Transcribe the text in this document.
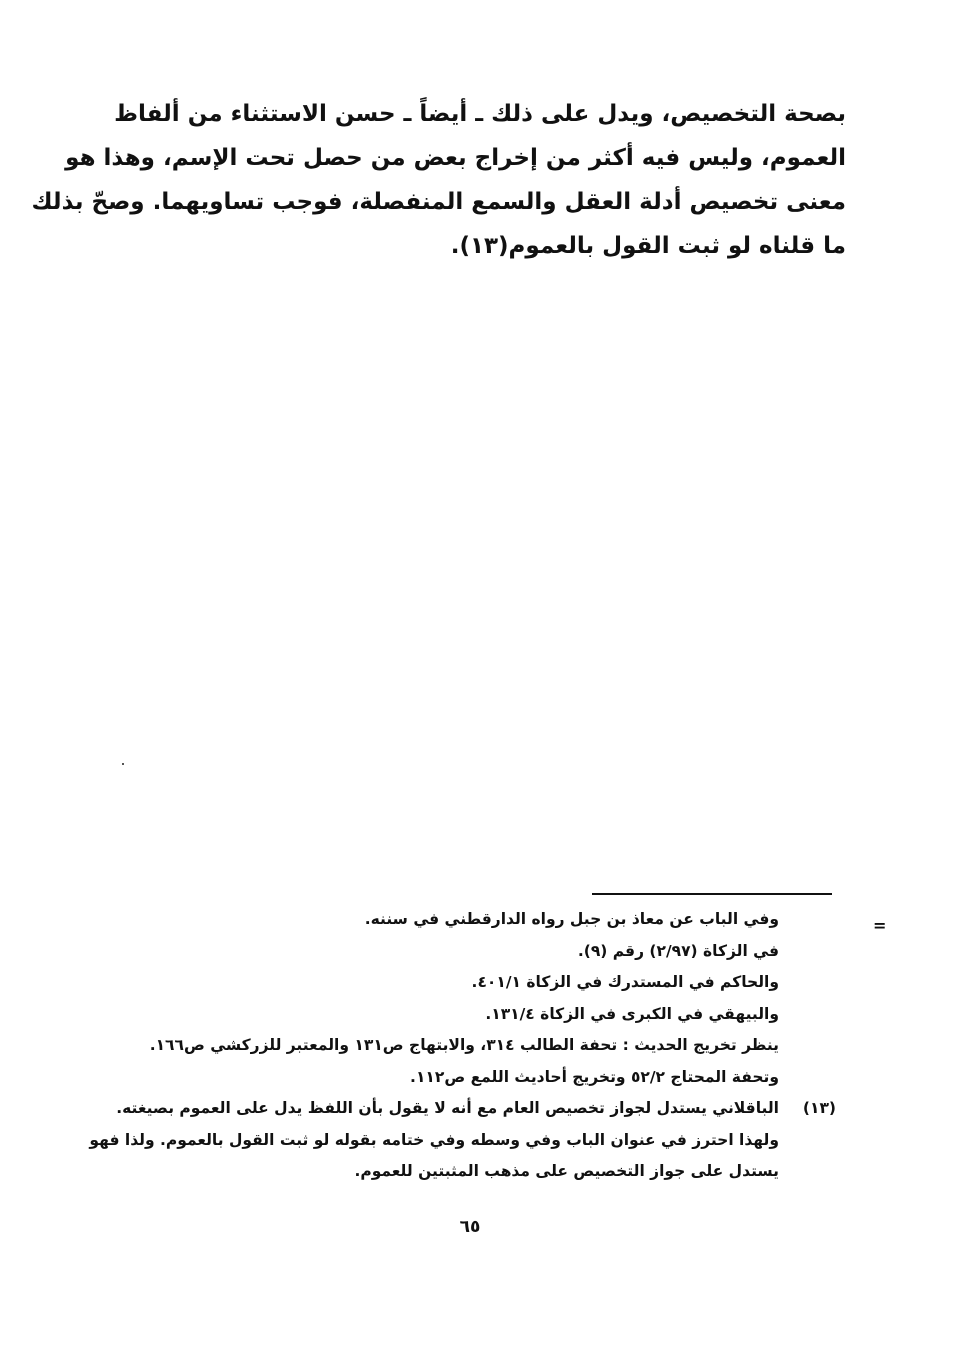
بصحة التخصيص، ويدل على ذلك ـ أيضاً ـ حسن الاستثناء من ألفاظ
العموم، وليس فيه أكثر من إخراج بعض من حصل تحت الإسم، وهذا هو
معنى تخصيص أدلة العقل والسمع المنفصلة، فوجب تساويهما. وصحّ بذلك
ما قلناه لو ثبت القول بالعموم(١٣).
=
وفي الباب عن معاذ بن جبل رواه الدارقطني في سننه.
في الزكاة (٢/٩٧) رقم (٩).
والحاكم في المستدرك في الزكاة ٤٠١/١.
والبيهقي في الكبرى في الزكاة ١٣١/٤.
ينظر تخريج الحديث : تحفة الطالب ٣١٤، والابتهاج ص١٣١ والمعتبر للزركشي ص١٦٦.
وتحفة المحتاج ٥٢/٢ وتخريج أحاديث اللمع ص١١٢.
(١٣)الباقلاني يستدل لجواز تخصيص العام مع أنه لا يقول بأن اللفظ يدل على العموم بصيغته.
ولهذا احترز في عنوان الباب وفي وسطه وفي ختامه بقوله لو ثبت القول بالعموم. ولذا فهو
يستدل على جواز التخصيص على مذهب المثبتين للعموم.
٦٥
